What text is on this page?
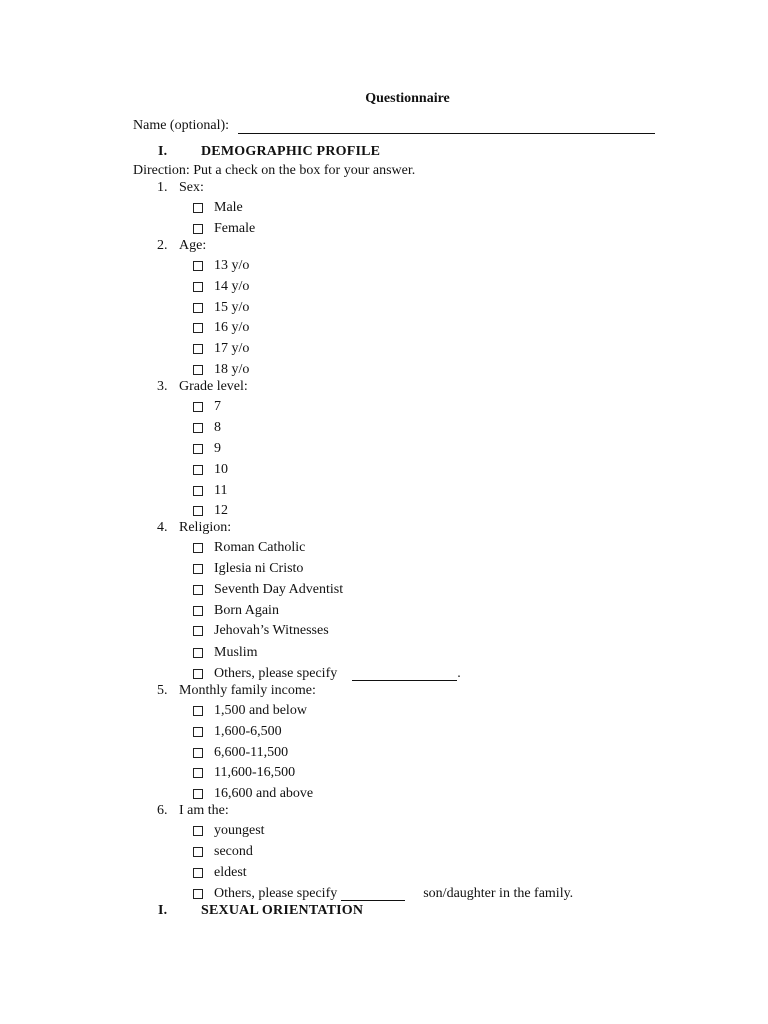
Questionnaire
Name (optional):
I.	DEMOGRAPHIC PROFILE
Direction: Put a check on the box for your answer.
1. Sex:
Male
Female
2. Age:
13 y/o
14 y/o
15 y/o
16 y/o
17 y/o
18 y/o
3. Grade level:
7
8
9
10
11
12
4. Religion:
Roman Catholic
Iglesia ni Cristo
Seventh Day Adventist
Born Again
Jehovah’s Witnesses
Muslim
Others, please specify	.
5. Monthly family income:
1,500 and below
1,600-6,500
6,600-11,500
11,600-16,500
16,600 and above
6. I am the:
youngest
second
eldest
Others, please specify	son/daughter in the family.
I.	SEXUAL ORIENTATION
